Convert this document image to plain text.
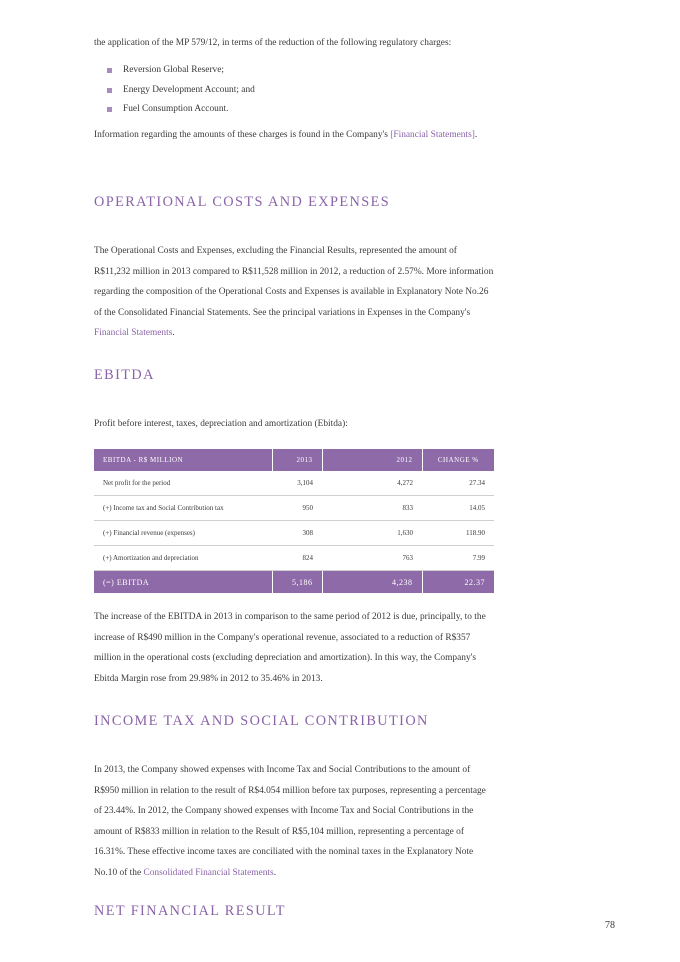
the application of the MP 579/12, in terms of the reduction of the following regulatory charges:

Reversion Global Reserve;
Energy Development Account; and
Fuel Consumption Account.

Information regarding the amounts of these charges is found in the Company's [Financial Statements].

OPERATIONAL COSTS AND EXPENSES

The Operational Costs and Expenses, excluding the Financial Results, represented the amount of R$11,232 million in 2013 compared to R$11,528 million in 2012, a reduction of 2.57%. More information regarding the composition of the Operational Costs and Expenses is available in Explanatory Note No.26 of the Consolidated Financial Statements. See the principal variations in Expenses in the Company's Financial Statements.

EBITDA

Profit before interest, taxes, depreciation and amortization (Ebitda):

EBITDA - R$ MILLION	2013	2012	CHANGE %
Net profit for the period	3,104	4,272	27.34
(+) Income tax and Social Contribution tax	950	833	14.05
(+) Financial revenue (expenses)	308	1,630	118.90
(+) Amortization and depreciation	824	763	7.99
(=) EBITDA	5,186	4,238	22.37

The increase of the EBITDA in 2013 in comparison to the same period of 2012 is due, principally, to the increase of R$490 million in the Company's operational revenue, associated to a reduction of R$357 million in the operational costs (excluding depreciation and amortization). In this way, the Company's Ebitda Margin rose from 29.98% in 2012 to 35.46% in 2013.

INCOME TAX AND SOCIAL CONTRIBUTION

In 2013, the Company showed expenses with Income Tax and Social Contributions to the amount of R$950 million in relation to the result of R$4.054 million before tax purposes, representing a percentage of 23.44%. In 2012, the Company showed expenses with Income Tax and Social Contributions in the amount of R$833 million in relation to the Result of R$5,104 million, representing a percentage of 16.31%. These effective income taxes are conciliated with the nominal taxes in the Explanatory Note No.10 of the Consolidated Financial Statements.

NET FINANCIAL RESULT
78
